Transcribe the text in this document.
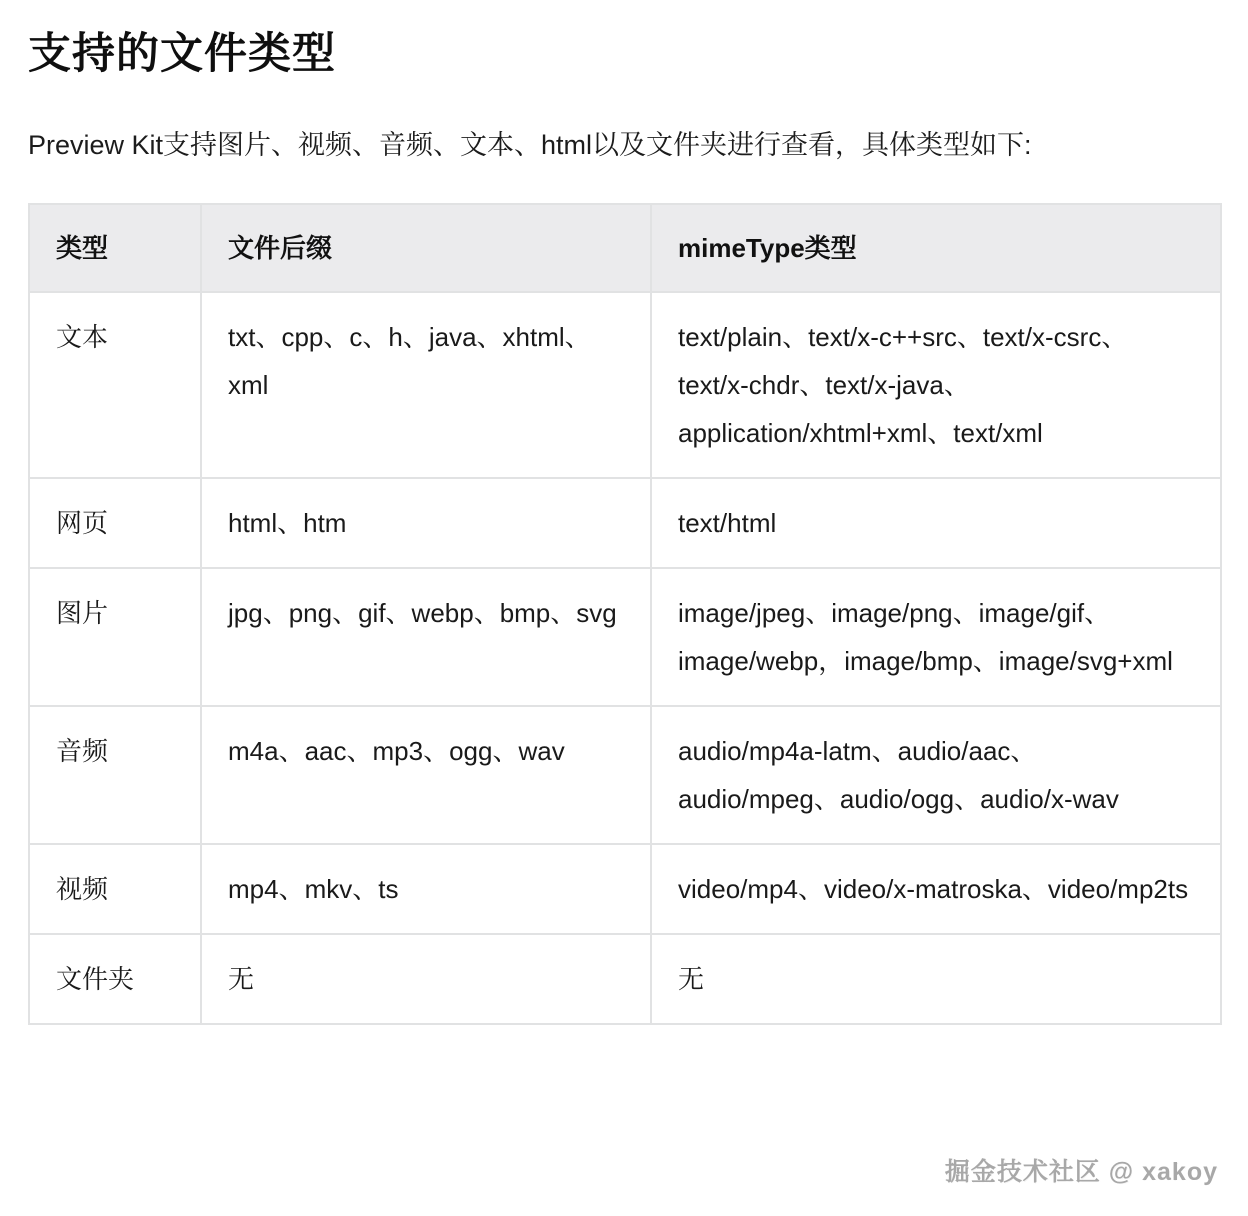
支持的文件类型

Preview Kit支持图片、视频、音频、文本、html以及文件夹进行查看，具体类型如下:

类型	文件后缀	mimeType类型
文本	txt、cpp、c、h、java、xhtml、xml	text/plain、text/x-c++src、text/x-csrc、text/x-chdr、text/x-java、application/xhtml+xml、text/xml
网页	html、htm	text/html
图片	jpg、png、gif、webp、bmp、svg	image/jpeg、image/png、image/gif、image/webp，image/bmp、image/svg+xml
音频	m4a、aac、mp3、ogg、wav	audio/mp4a-latm、audio/aac、audio/mpeg、audio/ogg、audio/x-wav
视频	mp4、mkv、ts	video/mp4、video/x-matroska、video/mp2ts
文件夹	无	无
掘金技术社区 @ xakoy
